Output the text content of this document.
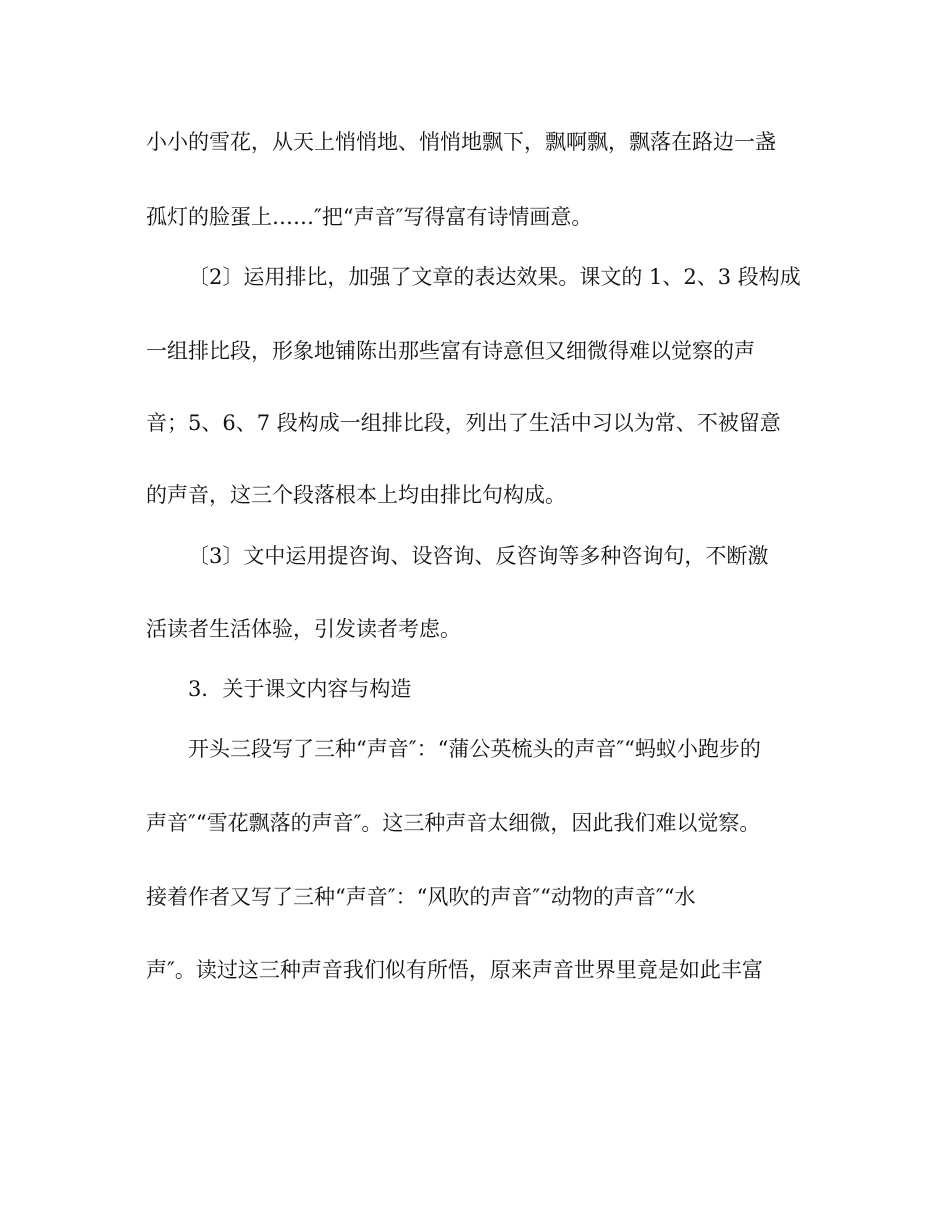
小小的雪花，从天上悄悄地、悄悄地飘下，飘啊飘，飘落在路边一盏
孤灯的脸蛋上……″把“声音″写得富有诗情画意。
〔2〕运用排比，加强了文章的表达效果。课文的 1、2、3 段构成
一组排比段，形象地铺陈出那些富有诗意但又细微得难以觉察的声
音；5、6、7 段构成一组排比段，列出了生活中习以为常、不被留意
的声音，这三个段落根本上均由排比句构成。
〔3〕文中运用提咨询、设咨询、反咨询等多种咨询句，不断激
活读者生活体验，引发读者考虑。
3．关于课文内容与构造
开头三段写了三种“声音″：“蒲公英梳头的声音″“蚂蚁小跑步的
声音″“雪花飘落的声音″。这三种声音太细微，因此我们难以觉察。
接着作者又写了三种“声音″：“风吹的声音″“动物的声音″“水
声″。读过这三种声音我们似有所悟，原来声音世界里竟是如此丰富
